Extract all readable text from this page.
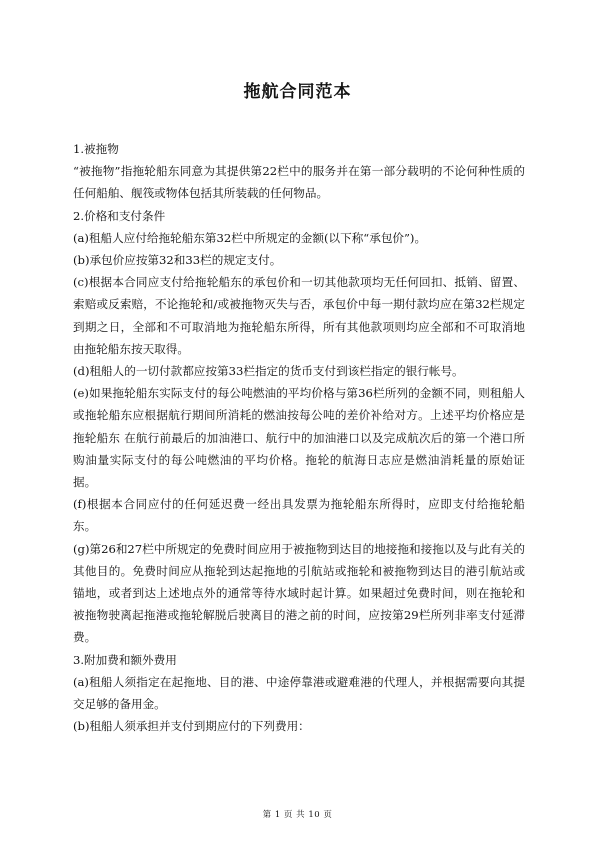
拖航合同范本

1.被拖物

“被拖物”指拖轮船东同意为其提供第22栏中的服务并在第一部分载明的不论何种性质的任何船舶、舰筏或物体包括其所装载的任何物品。

2.价格和支付条件

(a)租船人应付给拖轮船东第32栏中所规定的金额(以下称“承包价”)。

(b)承包价应按第32和33栏的规定支付。

(c)根据本合同应支付给拖轮船东的承包价和一切其他款项均无任何回扣、抵销、留置、索赔或反索赔，不论拖轮和/或被拖物灭失与否，承包价中每一期付款均应在第32栏规定到期之日，全部和不可取消地为拖轮船东所得，所有其他款项则均应全部和不可取消地由拖轮船东按天取得。

(d)租船人的一切付款都应按第33栏指定的货币支付到该栏指定的银行帐号。

(e)如果拖轮船东实际支付的每公吨燃油的平均价格与第36栏所列的金额不同，则租船人或拖轮船东应根据航行期间所消耗的燃油按每公吨的差价补给对方。上述平均价格应是拖轮船东 在航行前最后的加油港口、航行中的加油港口以及完成航次后的第一个港口所购油量实际支付的每公吨燃油的平均价格。拖轮的航海日志应是燃油消耗量的原始证据。

(f)根据本合同应付的任何延迟费一经出具发票为拖轮船东所得时，应即支付给拖轮船东。

(g)第26和27栏中所规定的免费时间应用于被拖物到达目的地接拖和接拖以及与此有关的其他目的。免费时间应从拖轮到达起拖地的引航站或拖轮和被拖物到达目的港引航站或锚地，或者到达上述地点外的通常等待水域时起计算。如果超过免费时间，则在拖轮和被拖物驶离起拖港或拖轮解脱后驶离目的港之前的时间，应按第29栏所列非率支付延滞费。

3.附加费和额外费用

(a)租船人须指定在起拖地、目的港、中途停靠港或避难港的代理人，并根据需要向其提交足够的备用金。

(b)租船人须承担并支付到期应付的下列费用：

第 1 页 共 10 页
